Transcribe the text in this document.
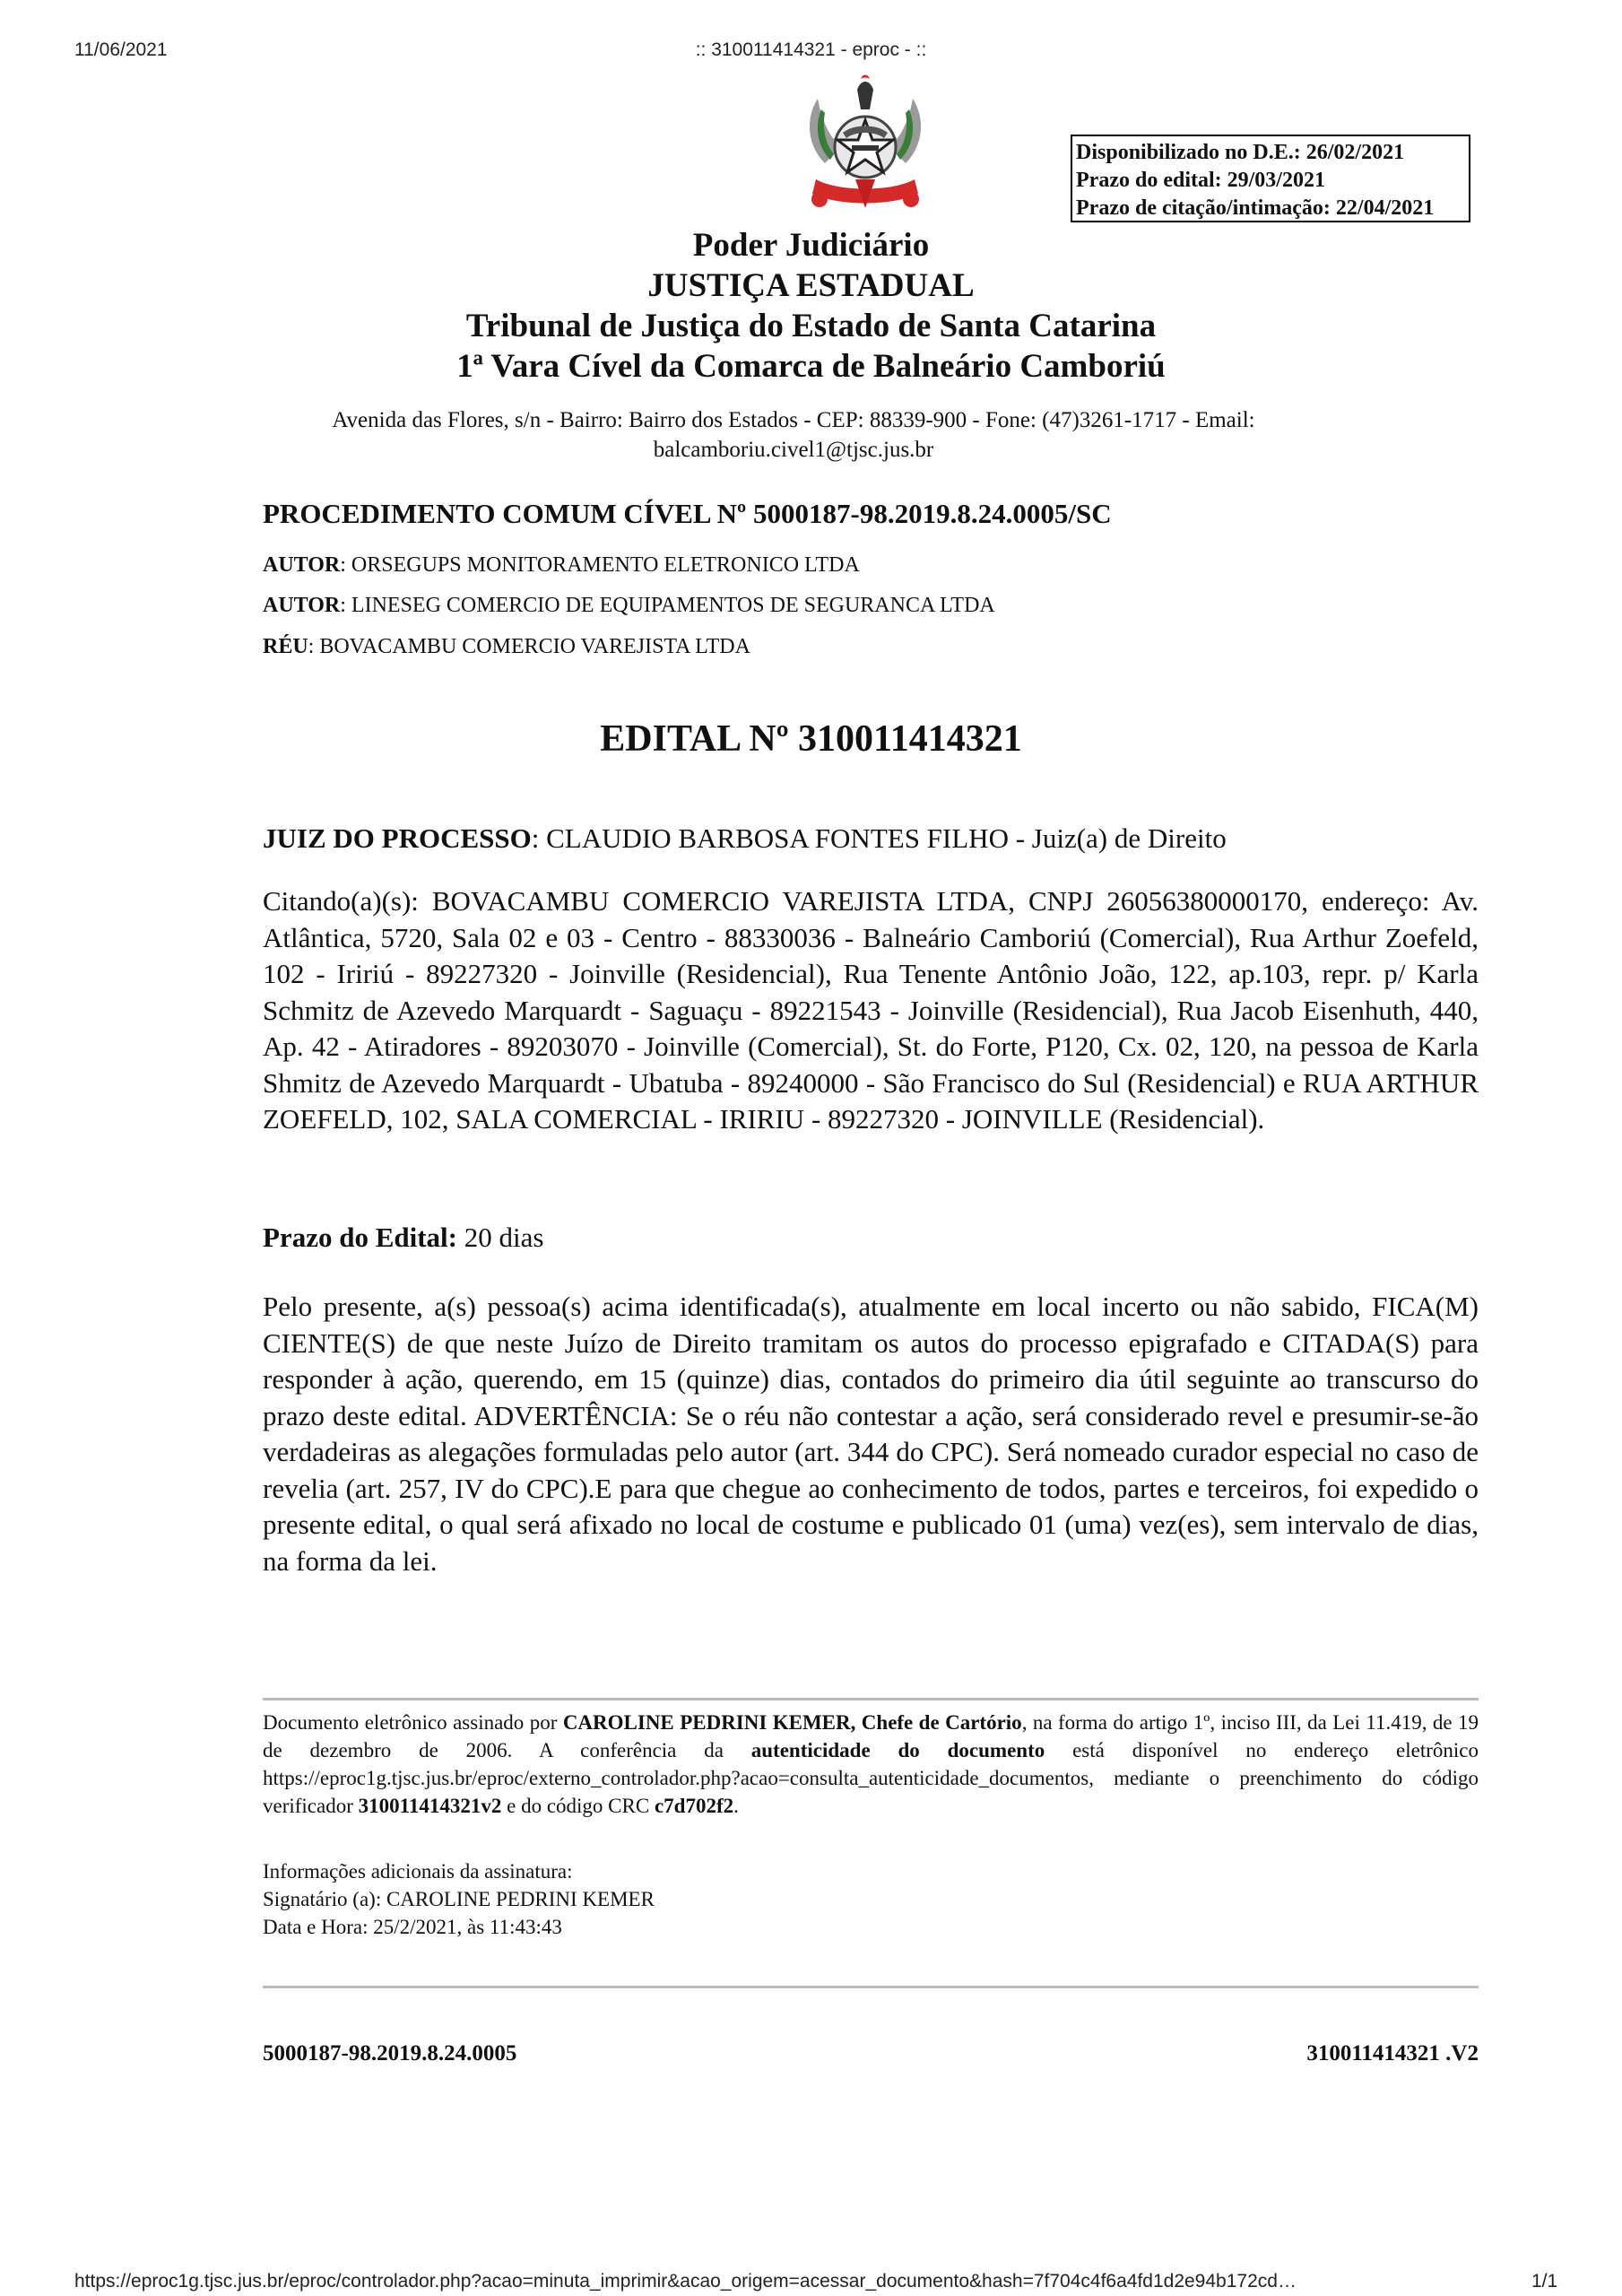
11/06/2021	:: 310011414321 - eproc - ::
Disponibilizado no D.E.: 26/02/2021
Prazo do edital: 29/03/2021
Prazo de citação/intimação: 22/04/2021
Poder Judiciário
JUSTIÇA ESTADUAL
Tribunal de Justiça do Estado de Santa Catarina
1ª Vara Cível da Comarca de Balneário Camboriú
Avenida das Flores, s/n - Bairro: Bairro dos Estados - CEP: 88339-900 - Fone: (47)3261-1717 - Email: balcamboriu.civel1@tjsc.jus.br
PROCEDIMENTO COMUM CÍVEL Nº 5000187-98.2019.8.24.0005/SC
AUTOR: ORSEGUPS MONITORAMENTO ELETRONICO LTDA
AUTOR: LINESEG COMERCIO DE EQUIPAMENTOS DE SEGURANCA LTDA
RÉU: BOVACAMBU COMERCIO VAREJISTA LTDA
EDITAL Nº 310011414321
JUIZ DO PROCESSO: CLAUDIO BARBOSA FONTES FILHO - Juiz(a) de Direito
Citando(a)(s): BOVACAMBU COMERCIO VAREJISTA LTDA, CNPJ 26056380000170, endereço: Av. Atlântica, 5720, Sala 02 e 03 - Centro - 88330036 - Balneário Camboriú (Comercial), Rua Arthur Zoefeld, 102 - Iririú - 89227320 - Joinville (Residencial), Rua Tenente Antônio João, 122, ap.103, repr. p/ Karla Schmitz de Azevedo Marquardt - Saguaçu - 89221543 - Joinville (Residencial), Rua Jacob Eisenhuth, 440, Ap. 42 - Atiradores - 89203070 - Joinville (Comercial), St. do Forte, P120, Cx. 02, 120, na pessoa de Karla Shmitz de Azevedo Marquardt - Ubatuba - 89240000 - São Francisco do Sul (Residencial) e RUA ARTHUR ZOEFELD, 102, SALA COMERCIAL - IRIRIU - 89227320 - JOINVILLE (Residencial).
Prazo do Edital: 20 dias
Pelo presente, a(s) pessoa(s) acima identificada(s), atualmente em local incerto ou não sabido, FICA(M) CIENTE(S) de que neste Juízo de Direito tramitam os autos do processo epigrafado e CITADA(S) para responder à ação, querendo, em 15 (quinze) dias, contados do primeiro dia útil seguinte ao transcurso do prazo deste edital. ADVERTÊNCIA: Se o réu não contestar a ação, será considerado revel e presumir-se-ão verdadeiras as alegações formuladas pelo autor (art. 344 do CPC). Será nomeado curador especial no caso de revelia (art. 257, IV do CPC).E para que chegue ao conhecimento de todos, partes e terceiros, foi expedido o presente edital, o qual será afixado no local de costume e publicado 01 (uma) vez(es), sem intervalo de dias, na forma da lei.
Documento eletrônico assinado por CAROLINE PEDRINI KEMER, Chefe de Cartório, na forma do artigo 1º, inciso III, da Lei 11.419, de 19 de dezembro de 2006. A conferência da autenticidade do documento está disponível no endereço eletrônico https://eproc1g.tjsc.jus.br/eproc/externo_controlador.php?acao=consulta_autenticidade_documentos, mediante o preenchimento do código verificador 310011414321v2 e do código CRC c7d702f2.
Informações adicionais da assinatura:
Signatário (a): CAROLINE PEDRINI KEMER
Data e Hora: 25/2/2021, às 11:43:43
5000187-98.2019.8.24.0005	310011414321 .V2
https://eproc1g.tjsc.jus.br/eproc/controlador.php?acao=minuta_imprimir&acao_origem=acessar_documento&hash=7f704c4f6a4fd1d2e94b172cd…	1/1
